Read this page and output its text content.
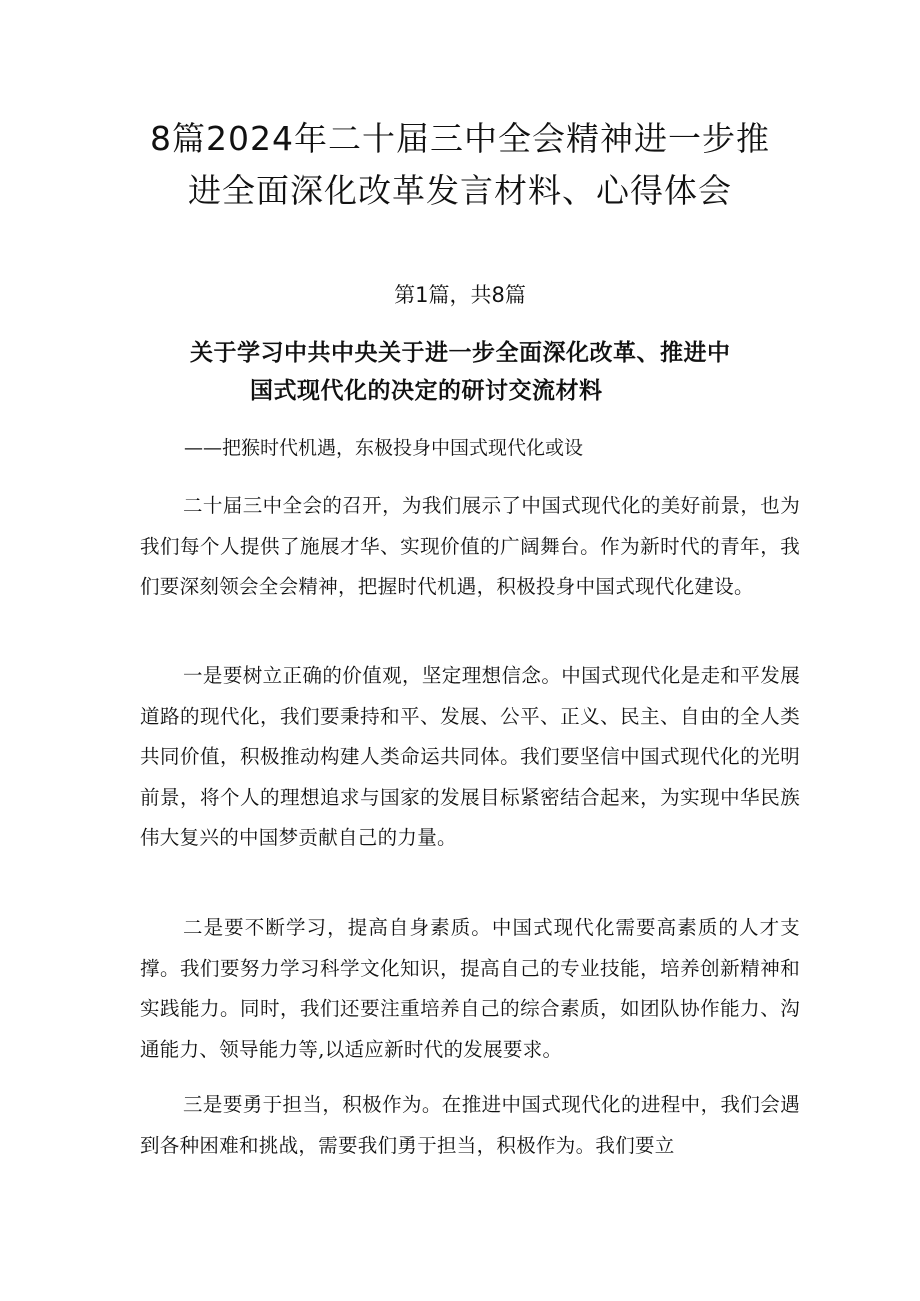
8篇2024年二十届三中全会精神进一步推进全面深化改革发言材料、心得体会

第1篇，共8篇

关于学习中共中央关于进一步全面深化改革、推进中
国式现代化的决定的研讨交流材料

——把猴时代机遇，东极投身中国式现代化或设

二十届三中全会的召开，为我们展示了中国式现代化的美好前景，也为我们每个人提供了施展才华、实现价值的广阔舞台。作为新时代的青年，我们要深刻领会全会精神，把握时代机遇，积极投身中国式现代化建设。

一是要树立正确的价值观，坚定理想信念。中国式现代化是走和平发展道路的现代化，我们要秉持和平、发展、公平、正义、民主、自由的全人类共同价值，积极推动构建人类命运共同体。我们要坚信中国式现代化的光明前景，将个人的理想追求与国家的发展目标紧密结合起来，为实现中华民族伟大复兴的中国梦贡献自己的力量。

二是要不断学习，提高自身素质。中国式现代化需要高素质的人才支撑。我们要努力学习科学文化知识，提高自己的专业技能，培养创新精神和实践能力。同时，我们还要注重培养自己的综合素质，如团队协作能力、沟通能力、领导能力等,以适应新时代的发展要求。

三是要勇于担当，积极作为。在推进中国式现代化的进程中，我们会遇到各种困难和挑战，需要我们勇于担当，积极作为。我们要立
